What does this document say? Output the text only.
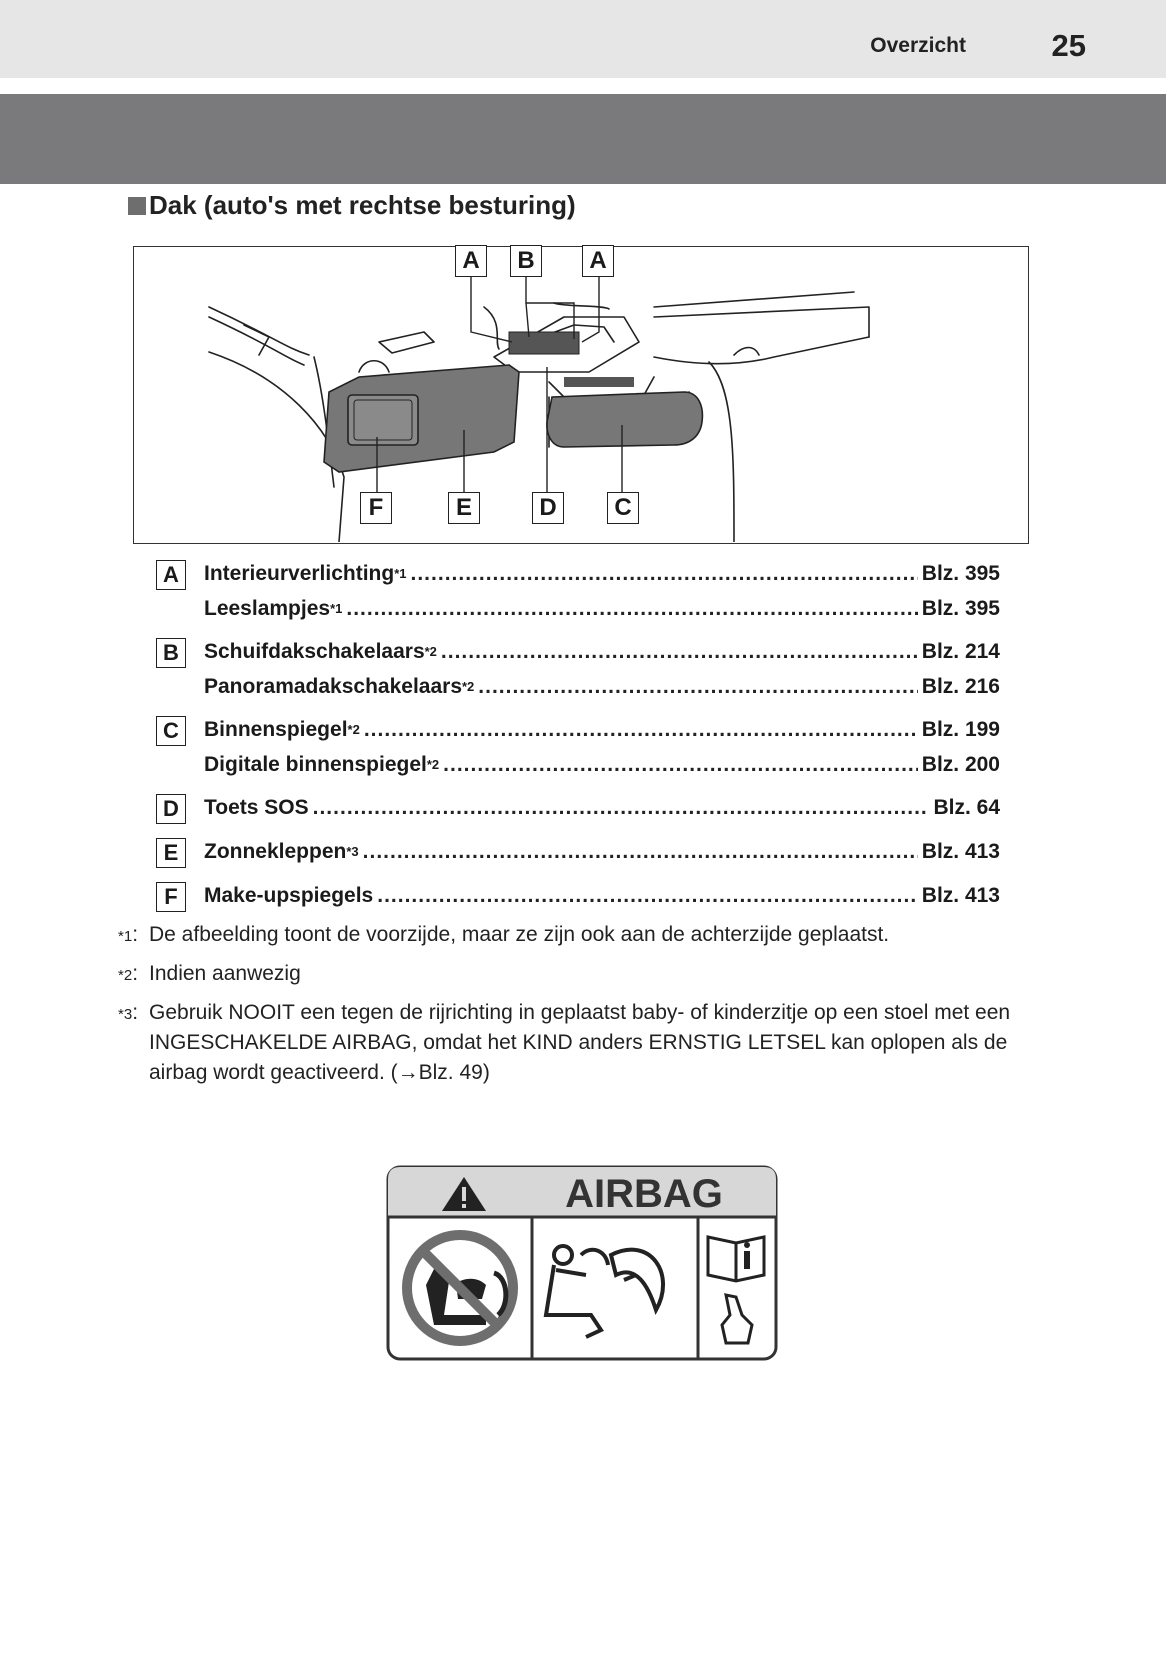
Overzicht	25
Dak (auto's met rechtse besturing)
A	B	A
F	E	D	C
A	Interieurverlichting$^{*1}$ .....	Blz. 395
Leeslampjes$^{*1}$ .....	Blz. 395
B	Schuifdakschakelaars$^{*2}$ .....	Blz. 214
Panoramadakschakelaars$^{*2}$ .....	Blz. 216
C	Binnenspiegel$^{*2}$ .....	Blz. 199
Digitale binnenspiegel$^{*2}$ .....	Blz. 200
D	Toets SOS .....	Blz. 64
E	Zonnekleppen$^{*3}$ .....	Blz. 413
F	Make-upspiegels .....	Blz. 413
*1: De afbeelding toont de voorzijde, maar ze zijn ook aan de achterzijde geplaatst.
*2: Indien aanwezig
*3: Gebruik NOOIT een tegen de rijrichting in geplaatst baby- of kinderzitje op een stoel met een INGESCHAKELDE AIRBAG, omdat het KIND anders ERNSTIG LETSEL kan oplopen als de airbag wordt geactiveerd. (→Blz. 49)
AIRBAG
